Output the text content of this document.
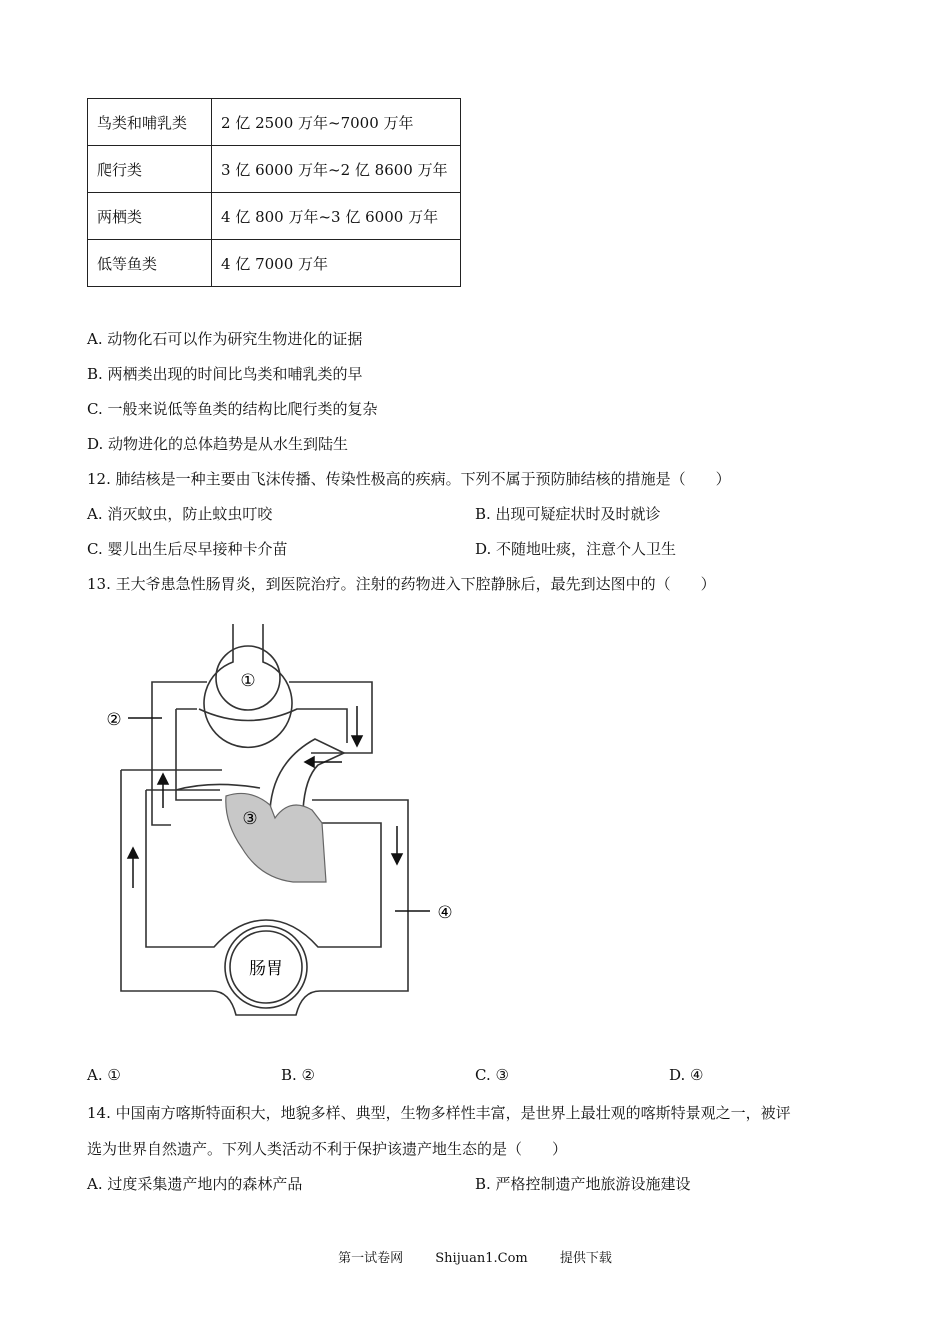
鸟类和哺乳类	2 亿 2500 万年~7000 万年
爬行类	3 亿 6000 万年~2 亿 8600 万年
两栖类	4 亿 800 万年~3 亿 6000 万年
低等鱼类	4 亿 7000 万年
A. 动物化石可以作为研究生物进化的证据
B. 两栖类出现的时间比鸟类和哺乳类的早
C. 一般来说低等鱼类的结构比爬行类的复杂
D. 动物进化的总体趋势是从水生到陆生
12. 肺结核是一种主要由飞沫传播、传染性极高的疾病。下列不属于预防肺结核的措施是（　　）
A. 消灭蚊虫，防止蚊虫叮咬	B. 出现可疑症状时及时就诊
C. 婴儿出生后尽早接种卡介苗	D. 不随地吐痰，注意个人卫生
13. 王大爷患急性肠胃炎，到医院治疗。注射的药物进入下腔静脉后，最先到达图中的（　　）
①
②
③
④
肠胃
A. ①	B. ②	C. ③	D. ④
14. 中国南方喀斯特面积大，地貌多样、典型，生物多样性丰富，是世界上最壮观的喀斯特景观之一，被评
选为世界自然遗产。下列人类活动不利于保护该遗产地生态的是（　　）
A. 过度采集遗产地内的森林产品	B. 严格控制遗产地旅游设施建设
第一试卷网 Shijuan1.Com 提供下载
